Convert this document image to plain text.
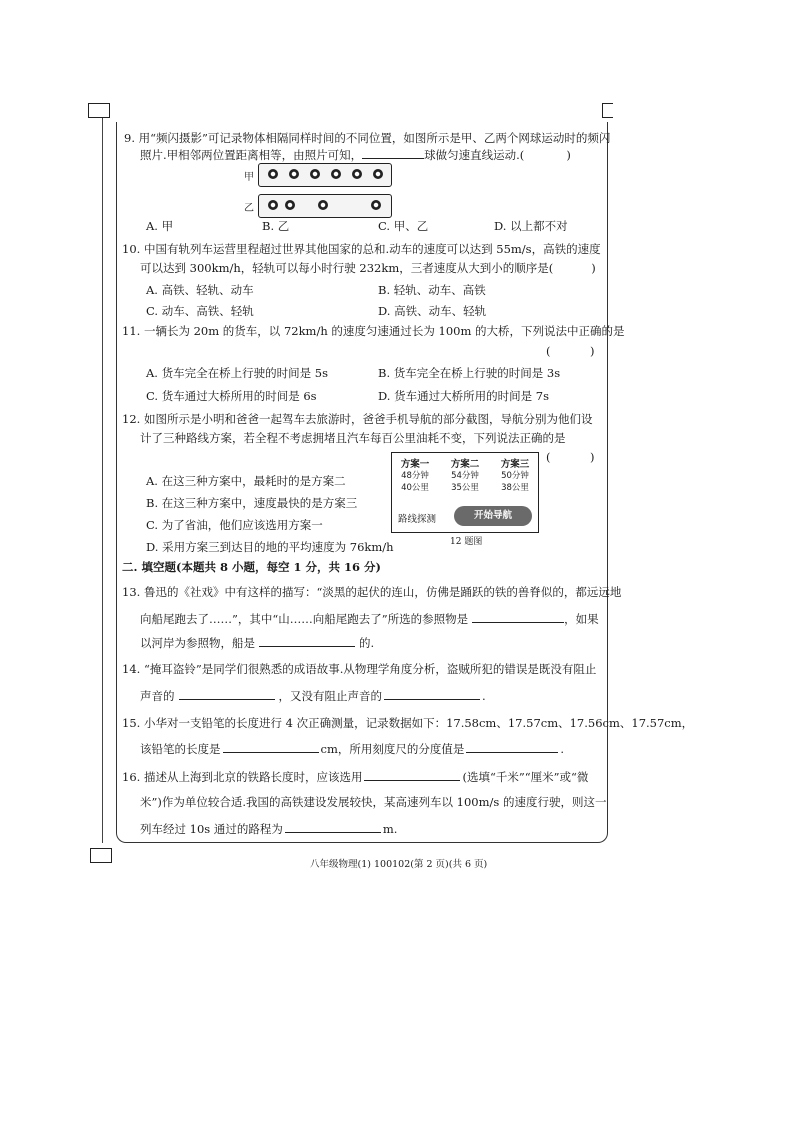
9. 用“频闪摄影”可记录物体相隔同样时间的不同位置，如图所示是甲、乙两个网球运动时的频闪
照片.甲相邻两位置距离相等，由照片可知，	球做匀速直线运动.(	)
甲
乙
A. 甲	B. 乙	C. 甲、乙	D. 以上都不对
10. 中国有轨列车运营里程超过世界其他国家的总和.动车的速度可以达到 55m/s，高铁的速度
可以达到 300km/h，轻轨可以每小时行驶 232km，三者速度从大到小的顺序是(	)
A. 高铁、轻轨、动车	B. 轻轨、动车、高铁
C. 动车、高铁、轻轨	D. 高铁、动车、轻轨
11. 一辆长为 20m 的货车，以 72km/h 的速度匀速通过长为 100m 的大桥，下列说法中正确的是
(	)
A. 货车完全在桥上行驶的时间是 5s	B. 货车完全在桥上行驶的时间是 3s
C. 货车通过大桥所用的时间是 6s	D. 货车通过大桥所用的时间是 7s
12. 如图所示是小明和爸爸一起驾车去旅游时，爸爸手机导航的部分截图，导航分别为他们设
计了三种路线方案，若全程不考虑拥堵且汽车每百公里油耗不变，下列说法正确的是
(	)
A. 在这三种方案中，最耗时的是方案二
B. 在这三种方案中，速度最快的是方案三
C. 为了省油，他们应该选用方案一
D. 采用方案三到达目的地的平均速度为 76km/h
方案一
48分钟
40公里
方案二
54分钟
35公里
方案三
50分钟
38公里
路线探测	开始导航
12 题图
二. 填空题(本题共 8 小题，每空 1 分，共 16 分)
13. 鲁迅的《社戏》中有这样的描写：“淡黑的起伏的连山，仿佛是踊跃的铁的兽脊似的，都远远地
向船尾跑去了……”，其中“山……向船尾跑去了”所选的参照物是	，如果
以河岸为参照物，船是	的.
14. “掩耳盗铃”是同学们很熟悉的成语故事.从物理学角度分析，盗贼所犯的错误是既没有阻止
声音的	，又没有阻止声音的	.
15. 小华对一支铅笔的长度进行 4 次正确测量，记录数据如下：17.58cm、17.57cm、17.56cm、17.57cm，
该铅笔的长度是	cm，所用刻度尺的分度值是	.
16. 描述从上海到北京的铁路长度时，应该选用	(选填“千米”“厘米”或“微
米”)作为单位较合适.我国的高铁建设发展较快，某高速列车以 100m/s 的速度行驶，则这一
列车经过 10s 通过的路程为	m.
八年级物理(1) 100102(第 2 页)(共 6 页)
